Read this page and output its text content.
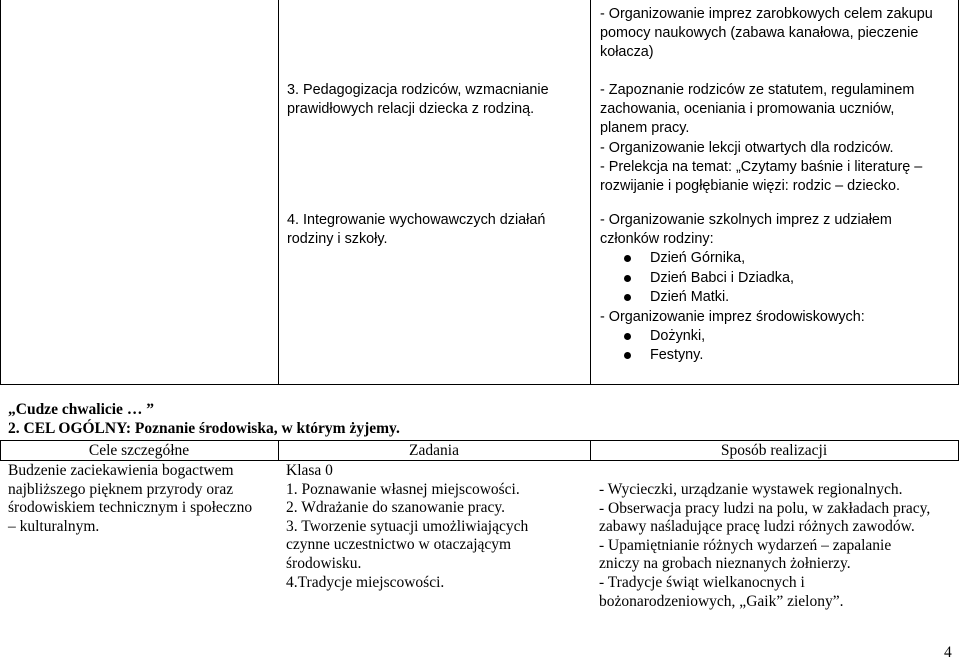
- Organizowanie imprez zarobkowych celem zakupu
pomocy naukowych (zabawa kanałowa, pieczenie
kołacza)
3. Pedagogizacja rodziców, wzmacnianie
prawidłowych relacji dziecka z rodziną.
- Zapoznanie rodziców ze statutem, regulaminem
zachowania, oceniania i promowania uczniów,
planem pracy.
- Organizowanie lekcji otwartych dla rodziców.
- Prelekcja na temat: „Czytamy baśnie i literaturę –
rozwijanie i pogłębianie więzi: rodzic – dziecko.
4. Integrowanie wychowawczych działań
rodziny i szkoły.
- Organizowanie szkolnych imprez z udziałem
członków rodziny:
Dzień Górnika,
Dzień Babci i Dziadka,
Dzień Matki.
- Organizowanie imprez środowiskowych:
Dożynki,
Festyny.
„Cudze chwalicie … ”
2. CEL OGÓLNY: Poznanie środowiska, w którym żyjemy.
Cele szczegółne	Zadania	Sposób realizacji
Budzenie zaciekawienia bogactwem
najbliższego pięknem przyrody oraz
środowiskiem technicznym i społeczno
– kulturalnym.
Klasa 0
1. Poznawanie własnej miejscowości.
2. Wdrażanie do szanowanie pracy.
3. Tworzenie sytuacji umożliwiających
czynne uczestnictwo w otaczającym
środowisku.
4.Tradycje miejscowości.
- Wycieczki, urządzanie wystawek regionalnych.
- Obserwacja pracy ludzi na polu, w zakładach pracy,
zabawy naśladujące pracę ludzi różnych zawodów.
- Upamiętnianie różnych wydarzeń – zapalanie
zniczy na grobach nieznanych żołnierzy.
- Tradycje świąt wielkanocnych i
bożonarodzeniowych, „Gaik” zielony”.
4
